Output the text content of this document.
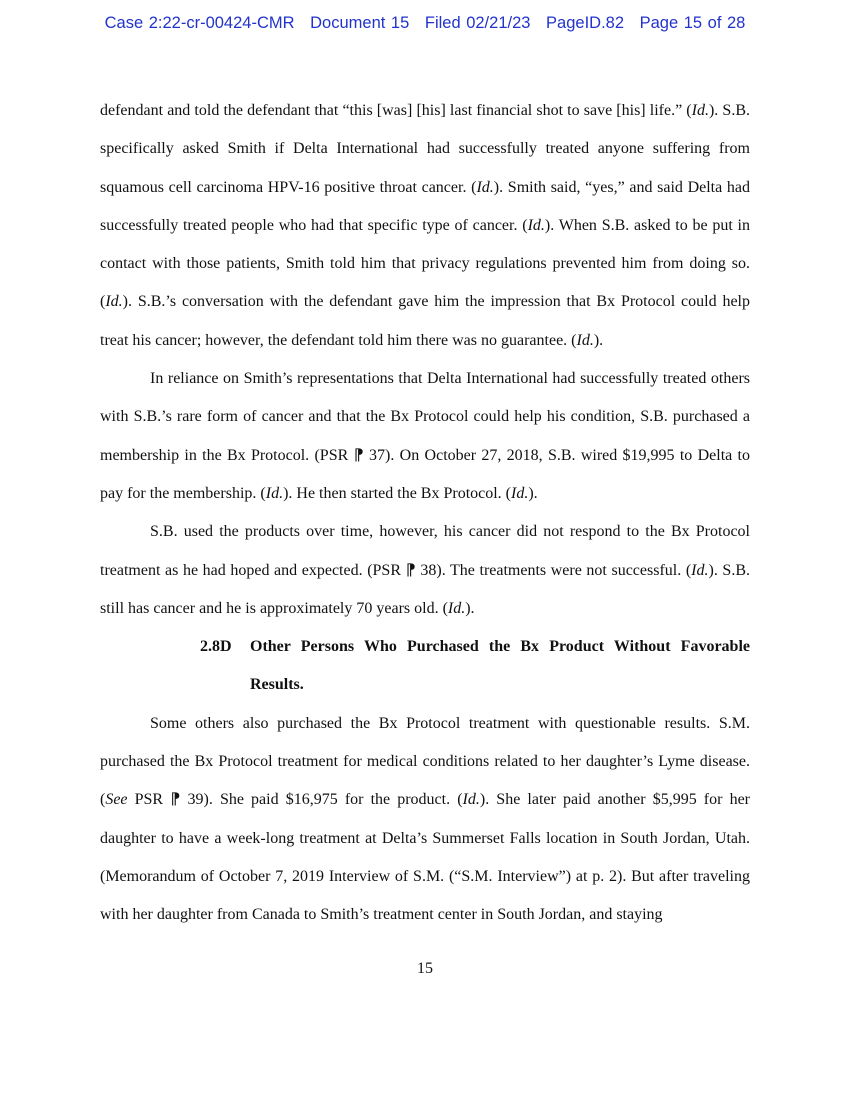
Case 2:22-cr-00424-CMR Document 15 Filed 02/21/23 PageID.82 Page 15 of 28

defendant and told the defendant that “this [was] [his] last financial shot to save [his] life.” (Id.). S.B. specifically asked Smith if Delta International had successfully treated anyone suffering from squamous cell carcinoma HPV-16 positive throat cancer. (Id.). Smith said, “yes,” and said Delta had successfully treated people who had that specific type of cancer. (Id.). When S.B. asked to be put in contact with those patients, Smith told him that privacy regulations prevented him from doing so. (Id.). S.B.’s conversation with the defendant gave him the impression that Bx Protocol could help treat his cancer; however, the defendant told him there was no guarantee. (Id.).

In reliance on Smith’s representations that Delta International had successfully treated others with S.B.’s rare form of cancer and that the Bx Protocol could help his condition, S.B. purchased a membership in the Bx Protocol. (PSR ⁋ 37). On October 27, 2018, S.B. wired $19,995 to Delta to pay for the membership. (Id.). He then started the Bx Protocol. (Id.).

S.B. used the products over time, however, his cancer did not respond to the Bx Protocol treatment as he had hoped and expected. (PSR ⁋ 38). The treatments were not successful. (Id.). S.B. still has cancer and he is approximately 70 years old. (Id.).

2.8D	Other Persons Who Purchased the Bx Product Without Favorable Results.

Some others also purchased the Bx Protocol treatment with questionable results. S.M. purchased the Bx Protocol treatment for medical conditions related to her daughter’s Lyme disease. (See PSR ⁋ 39). She paid $16,975 for the product. (Id.). She later paid another $5,995 for her daughter to have a week-long treatment at Delta’s Summerset Falls location in South Jordan, Utah. (Memorandum of October 7, 2019 Interview of S.M. (“S.M. Interview”) at p. 2). But after traveling with her daughter from Canada to Smith’s treatment center in South Jordan, and staying

15
